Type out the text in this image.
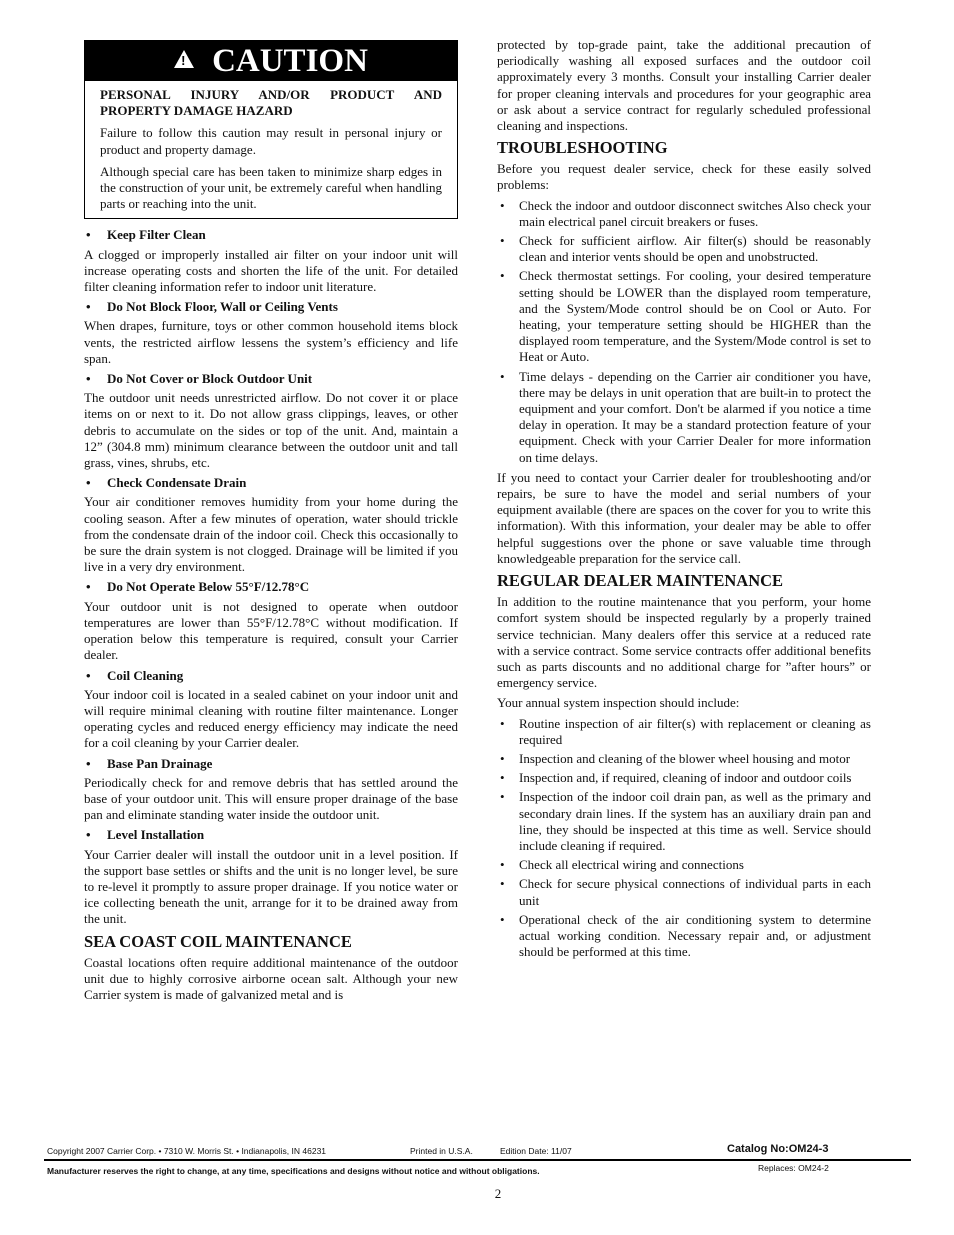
!
CAUTION

PERSONAL INJURY AND/OR PRODUCT AND PROPERTY DAMAGE HAZARD

Failure to follow this caution may result in personal injury or product and property damage.

Although special care has been taken to minimize sharp edges in the construction of your unit, be extremely careful when handling parts or reaching into the unit.

• Keep Filter Clean

A clogged or improperly installed air filter on your indoor unit will increase operating costs and shorten the life of the unit. For detailed filter cleaning information refer to indoor unit literature.

• Do Not Block Floor, Wall or Ceiling Vents

When drapes, furniture, toys or other common household items block vents, the restricted airflow lessens the system’s efficiency and life span.

• Do Not Cover or Block Outdoor Unit

The outdoor unit needs unrestricted airflow. Do not cover it or place items on or next to it. Do not allow grass clippings, leaves, or other debris to accumulate on the sides or top of the unit. And, maintain a 12” (304.8 mm) minimum clearance between the outdoor unit and tall grass, vines, shrubs, etc.

• Check Condensate Drain

Your air conditioner removes humidity from your home during the cooling season. After a few minutes of operation, water should trickle from the condensate drain of the indoor coil. Check this occasionally to be sure the drain system is not clogged. Drainage will be limited if you live in a very dry environment.

• Do Not Operate Below 55°F/12.78°C

Your outdoor unit is not designed to operate when outdoor temperatures are lower than 55°F/12.78°C without modification. If operation below this temperature is required, consult your Carrier dealer.

• Coil Cleaning

Your indoor coil is located in a sealed cabinet on your indoor unit and will require minimal cleaning with routine filter maintenance. Longer operating cycles and reduced energy efficiency may indicate the need for a coil cleaning by your Carrier dealer.

• Base Pan Drainage

Periodically check for and remove debris that has settled around the base of your outdoor unit. This will ensure proper drainage of the base pan and eliminate standing water inside the outdoor unit.

• Level Installation

Your Carrier dealer will install the outdoor unit in a level position. If the support base settles or shifts and the unit is no longer level, be sure to re-level it promptly to assure proper drainage. If you notice water or ice collecting beneath the unit, arrange for it to be drained away from the unit.

SEA COAST COIL MAINTENANCE

Coastal locations often require additional maintenance of the outdoor unit due to highly corrosive airborne ocean salt. Although your new Carrier system is made of galvanized metal and is

protected by top-grade paint, take the additional precaution of periodically washing all exposed surfaces and the outdoor coil approximately every 3 months. Consult your installing Carrier dealer for proper cleaning intervals and procedures for your geographic area or ask about a service contract for regularly scheduled professional cleaning and inspections.

TROUBLESHOOTING

Before you request dealer service, check for these easily solved problems:

• Check the indoor and outdoor disconnect switches Also check your main electrical panel circuit breakers or fuses.
• Check for sufficient airflow. Air filter(s) should be reasonably clean and interior vents should be open and unobstructed.
• Check thermostat settings. For cooling, your desired temperature setting should be LOWER than the displayed room temperature, and the System/Mode control should be on Cool or Auto. For heating, your temperature setting should be HIGHER than the displayed room temperature, and the System/Mode control is set to Heat or Auto.
• Time delays - depending on the Carrier air conditioner you have, there may be delays in unit operation that are built-in to protect the equipment and your comfort. Don't be alarmed if you notice a time delay in operation. It may be a standard protection feature of your equipment. Check with your Carrier Dealer for more information on time delays.

If you need to contact your Carrier dealer for troubleshooting and/or repairs, be sure to have the model and serial numbers of your equipment available (there are spaces on the cover for you to write this information). With this information, your dealer may be able to offer helpful suggestions over the phone or save valuable time through knowledgeable preparation for the service call.

REGULAR DEALER MAINTENANCE

In addition to the routine maintenance that you perform, your home comfort system should be inspected regularly by a properly trained service technician. Many dealers offer this service at a reduced rate with a service contract. Some service contracts offer additional benefits such as parts discounts and no additional charge for ”after hours” or emergency service.

Your annual system inspection should include:

• Routine inspection of air filter(s) with replacement or cleaning as required
• Inspection and cleaning of the blower wheel housing and motor
• Inspection and, if required, cleaning of indoor and outdoor coils
• Inspection of the indoor coil drain pan, as well as the primary and secondary drain lines. If the system has an auxiliary drain pan and line, they should be inspected at this time as well. Service should include cleaning if required.
• Check all electrical wiring and connections
• Check for secure physical connections of individual parts in each unit
• Operational check of the air conditioning system to determine actual working condition. Necessary repair and, or adjustment should be performed at this time.
Copyright 2007 Carrier Corp. • 7310 W. Morris St. • Indianapolis, IN 46231	Printed in U.S.A.	Edition Date: 11/07	Catalog No:OM24-3
Manufacturer reserves the right to change, at any time, specifications and designs without notice and without obligations.	Replaces: OM24-2
2
